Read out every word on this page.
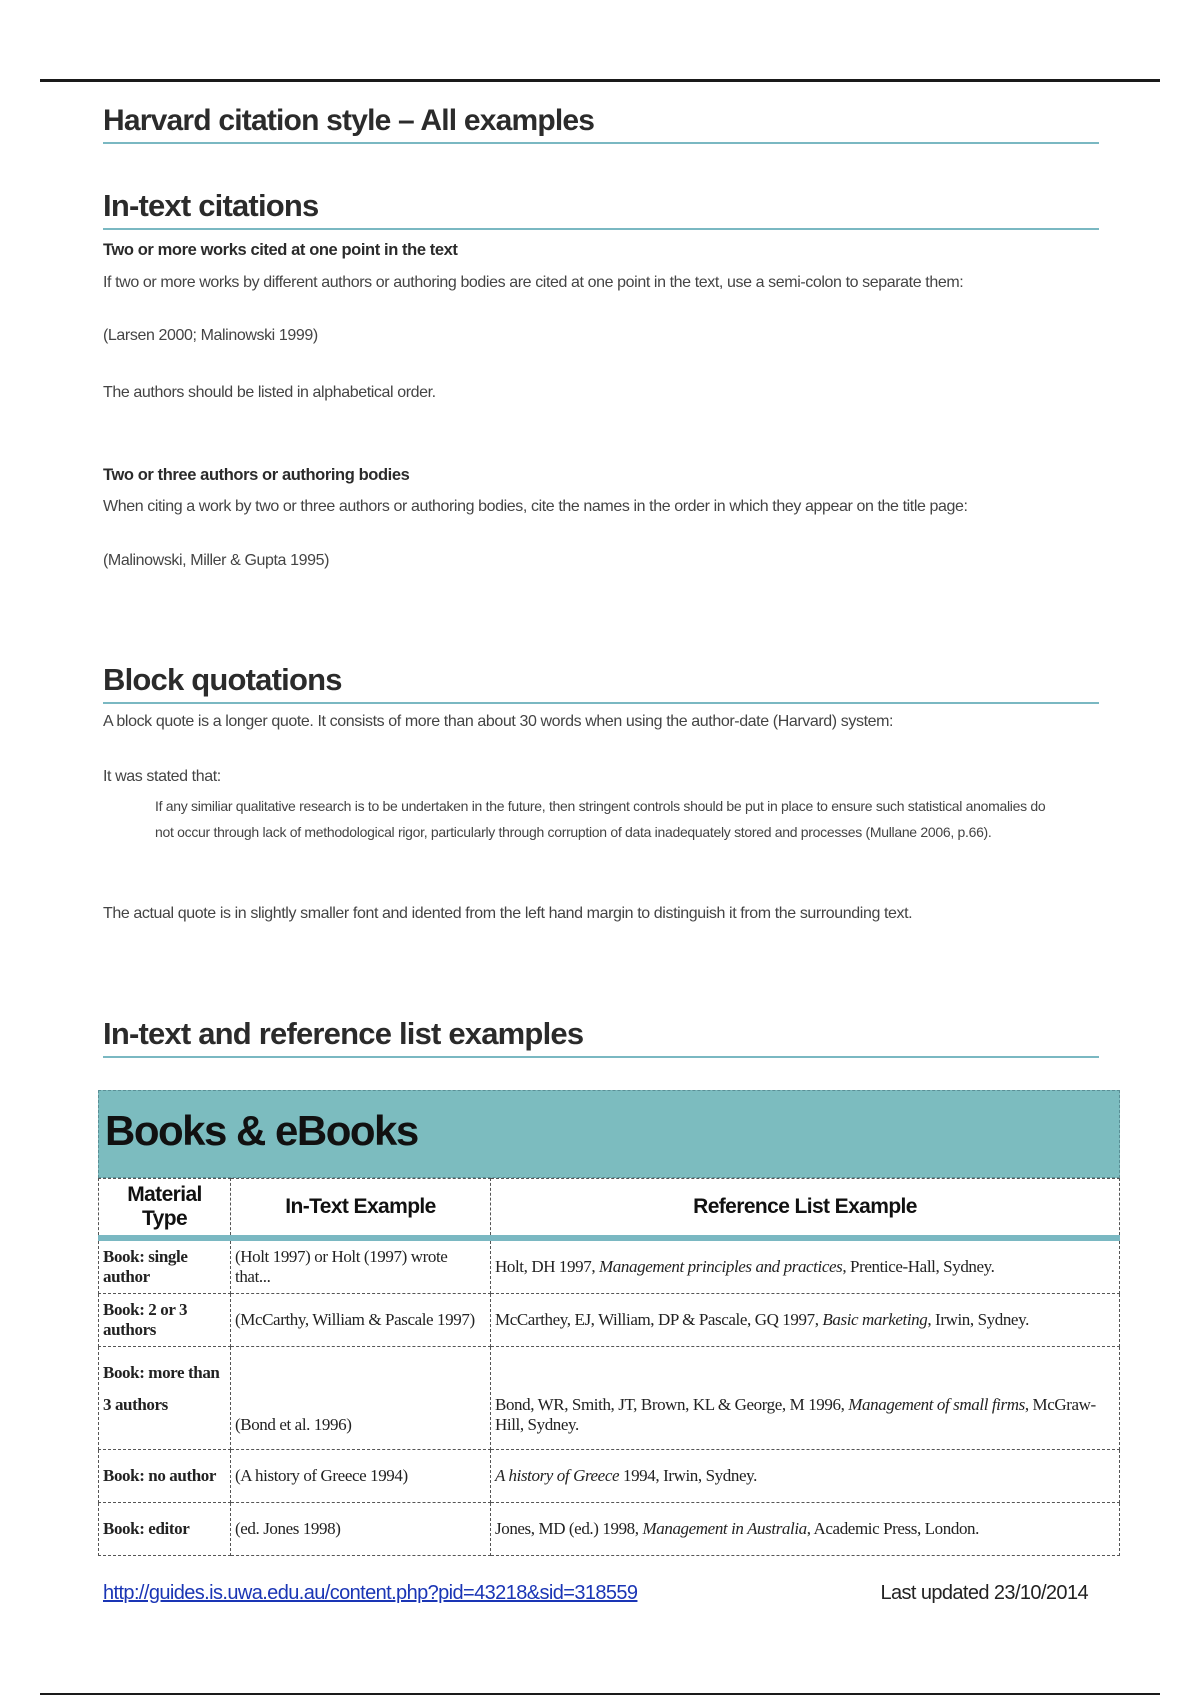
Harvard citation style – All examples
In-text citations
Two or more works cited at one point in the text
If two or more works by different authors or authoring bodies are cited at one point in the text, use a semi-colon to separate them:
(Larsen 2000; Malinowski 1999)
The authors should be listed in alphabetical order.
Two or three authors or authoring bodies
When citing a work by two or three authors or authoring bodies, cite the names in the order in which they appear on the title page:
(Malinowski, Miller & Gupta 1995)
Block quotations
A block quote is a longer quote. It consists of more than about 30 words when using the author-date (Harvard) system:
It was stated that:
If any similiar qualitative research is to be undertaken in the future, then stringent controls should be put in place to ensure such statistical anomalies do not occur through lack of methodological rigor, particularly through corruption of data inadequately stored and processes (Mullane 2006, p.66).
The actual quote is in slightly smaller font and idented from the left hand margin to distinguish it from the surrounding text.
In-text and reference list examples
Books & eBooks
Material Type	In-Text Example	Reference List Example
Book: single author	(Holt 1997) or Holt (1997) wrote that...	Holt, DH 1997, Management principles and practices, Prentice-Hall, Sydney.
Book: 2 or 3 authors	(McCarthy, William & Pascale 1997)	McCarthey, EJ, William, DP & Pascale, GQ 1997, Basic marketing, Irwin, Sydney.
Book: more than 3 authors	(Bond et al. 1996)	Bond, WR, Smith, JT, Brown, KL & George, M 1996, Management of small firms, McGraw-Hill, Sydney.
Book: no author	(A history of Greece 1994)	A history of Greece 1994, Irwin, Sydney.
Book: editor	(ed. Jones 1998)	Jones, MD (ed.) 1998, Management in Australia, Academic Press, London.
http://guides.is.uwa.edu.au/content.php?pid=43218&sid=318559	Last updated 23/10/2014
